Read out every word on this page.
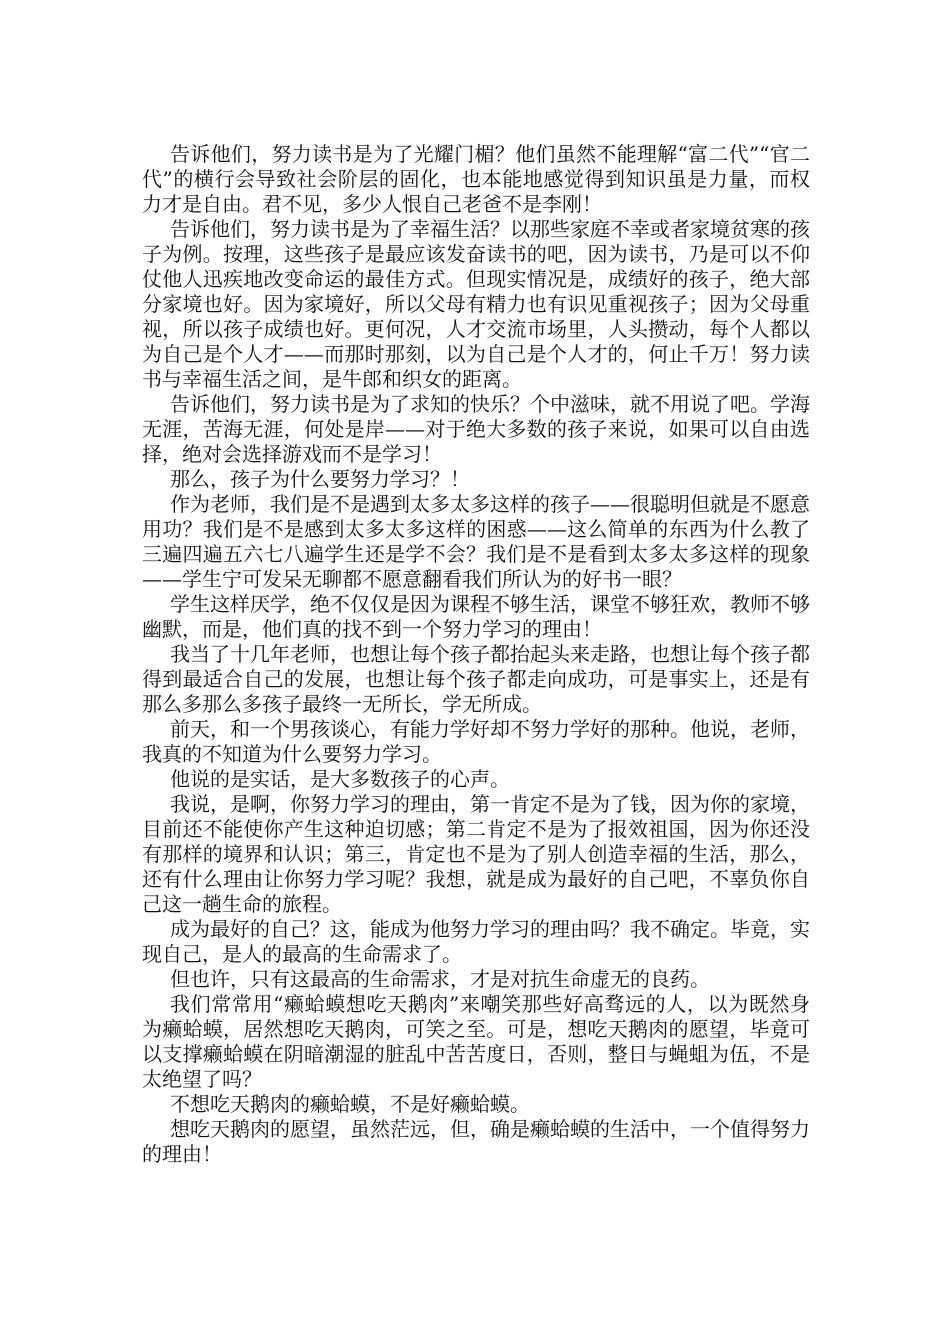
告诉他们，努力读书是为了光耀门楣？他们虽然不能理解“富二代”“官二代”的横行会导致社会阶层的固化，也本能地感觉得到知识虽是力量，而权力才是自由。君不见，多少人恨自己老爸不是李刚！

告诉他们，努力读书是为了幸福生活？以那些家庭不幸或者家境贫寒的孩子为例。按理，这些孩子是最应该发奋读书的吧，因为读书，乃是可以不仰仗他人迅疾地改变命运的最佳方式。但现实情况是，成绩好的孩子，绝大部分家境也好。因为家境好，所以父母有精力也有识见重视孩子；因为父母重视，所以孩子成绩也好。更何况，人才交流市场里，人头攒动，每个人都以为自己是个人才——而那时那刻，以为自己是个人才的，何止千万！努力读书与幸福生活之间，是牛郎和织女的距离。

告诉他们，努力读书是为了求知的快乐？个中滋味，就不用说了吧。学海无涯，苦海无涯，何处是岸——对于绝大多数的孩子来说，如果可以自由选择，绝对会选择游戏而不是学习！

那么，孩子为什么要努力学习？！

作为老师，我们是不是遇到太多太多这样的孩子——很聪明但就是不愿意用功？我们是不是感到太多太多这样的困惑——这么简单的东西为什么教了三遍四遍五六七八遍学生还是学不会？我们是不是看到太多太多这样的现象——学生宁可发呆无聊都不愿意翻看我们所认为的好书一眼？

学生这样厌学，绝不仅仅是因为课程不够生活，课堂不够狂欢，教师不够幽默，而是，他们真的找不到一个努力学习的理由！

我当了十几年老师，也想让每个孩子都抬起头来走路，也想让每个孩子都得到最适合自己的发展，也想让每个孩子都走向成功，可是事实上，还是有那么多那么多孩子最终一无所长，学无所成。

前天，和一个男孩谈心，有能力学好却不努力学好的那种。他说，老师，我真的不知道为什么要努力学习。

他说的是实话，是大多数孩子的心声。

我说，是啊，你努力学习的理由，第一肯定不是为了钱，因为你的家境，目前还不能使你产生这种迫切感；第二肯定不是为了报效祖国，因为你还没有那样的境界和认识；第三，肯定也不是为了别人创造幸福的生活，那么，还有什么理由让你努力学习呢？我想，就是成为最好的自己吧，不辜负你自己这一趟生命的旅程。

成为最好的自己？这，能成为他努力学习的理由吗？我不确定。毕竟，实现自己，是人的最高的生命需求了。

但也许，只有这最高的生命需求，才是对抗生命虚无的良药。

我们常常用“癞蛤蟆想吃天鹅肉”来嘲笑那些好高骛远的人，以为既然身为癞蛤蟆，居然想吃天鹅肉，可笑之至。可是，想吃天鹅肉的愿望，毕竟可以支撑癞蛤蟆在阴暗潮湿的脏乱中苦苦度日，否则，整日与蝇蛆为伍，不是太绝望了吗？

不想吃天鹅肉的癞蛤蟆，不是好癞蛤蟆。

想吃天鹅肉的愿望，虽然茫远，但，确是癞蛤蟆的生活中，一个值得努力的理由！
